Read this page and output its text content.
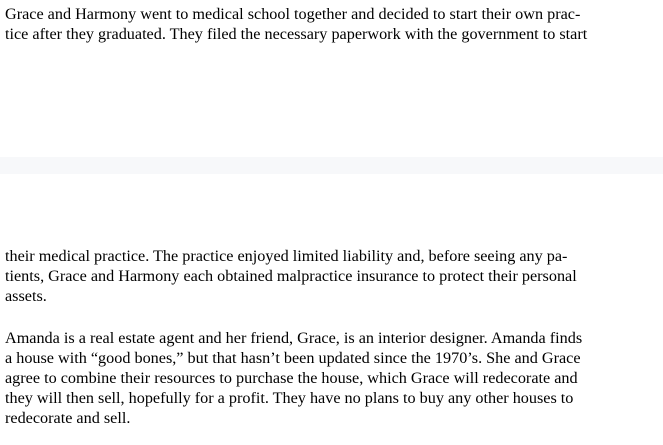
Grace and Harmony went to medical school together and decided to start their own prac-
tice after they graduated. They filed the necessary paperwork with the government to start
their medical practice. The practice enjoyed limited liability and, before seeing any pa-
tients, Grace and Harmony each obtained malpractice insurance to protect their personal
assets.
Amanda is a real estate agent and her friend, Grace, is an interior designer. Amanda finds
a house with “good bones,” but that hasn’t been updated since the 1970’s. She and Grace
agree to combine their resources to purchase the house, which Grace will redecorate and
they will then sell, hopefully for a profit. They have no plans to buy any other houses to
redecorate and sell.
